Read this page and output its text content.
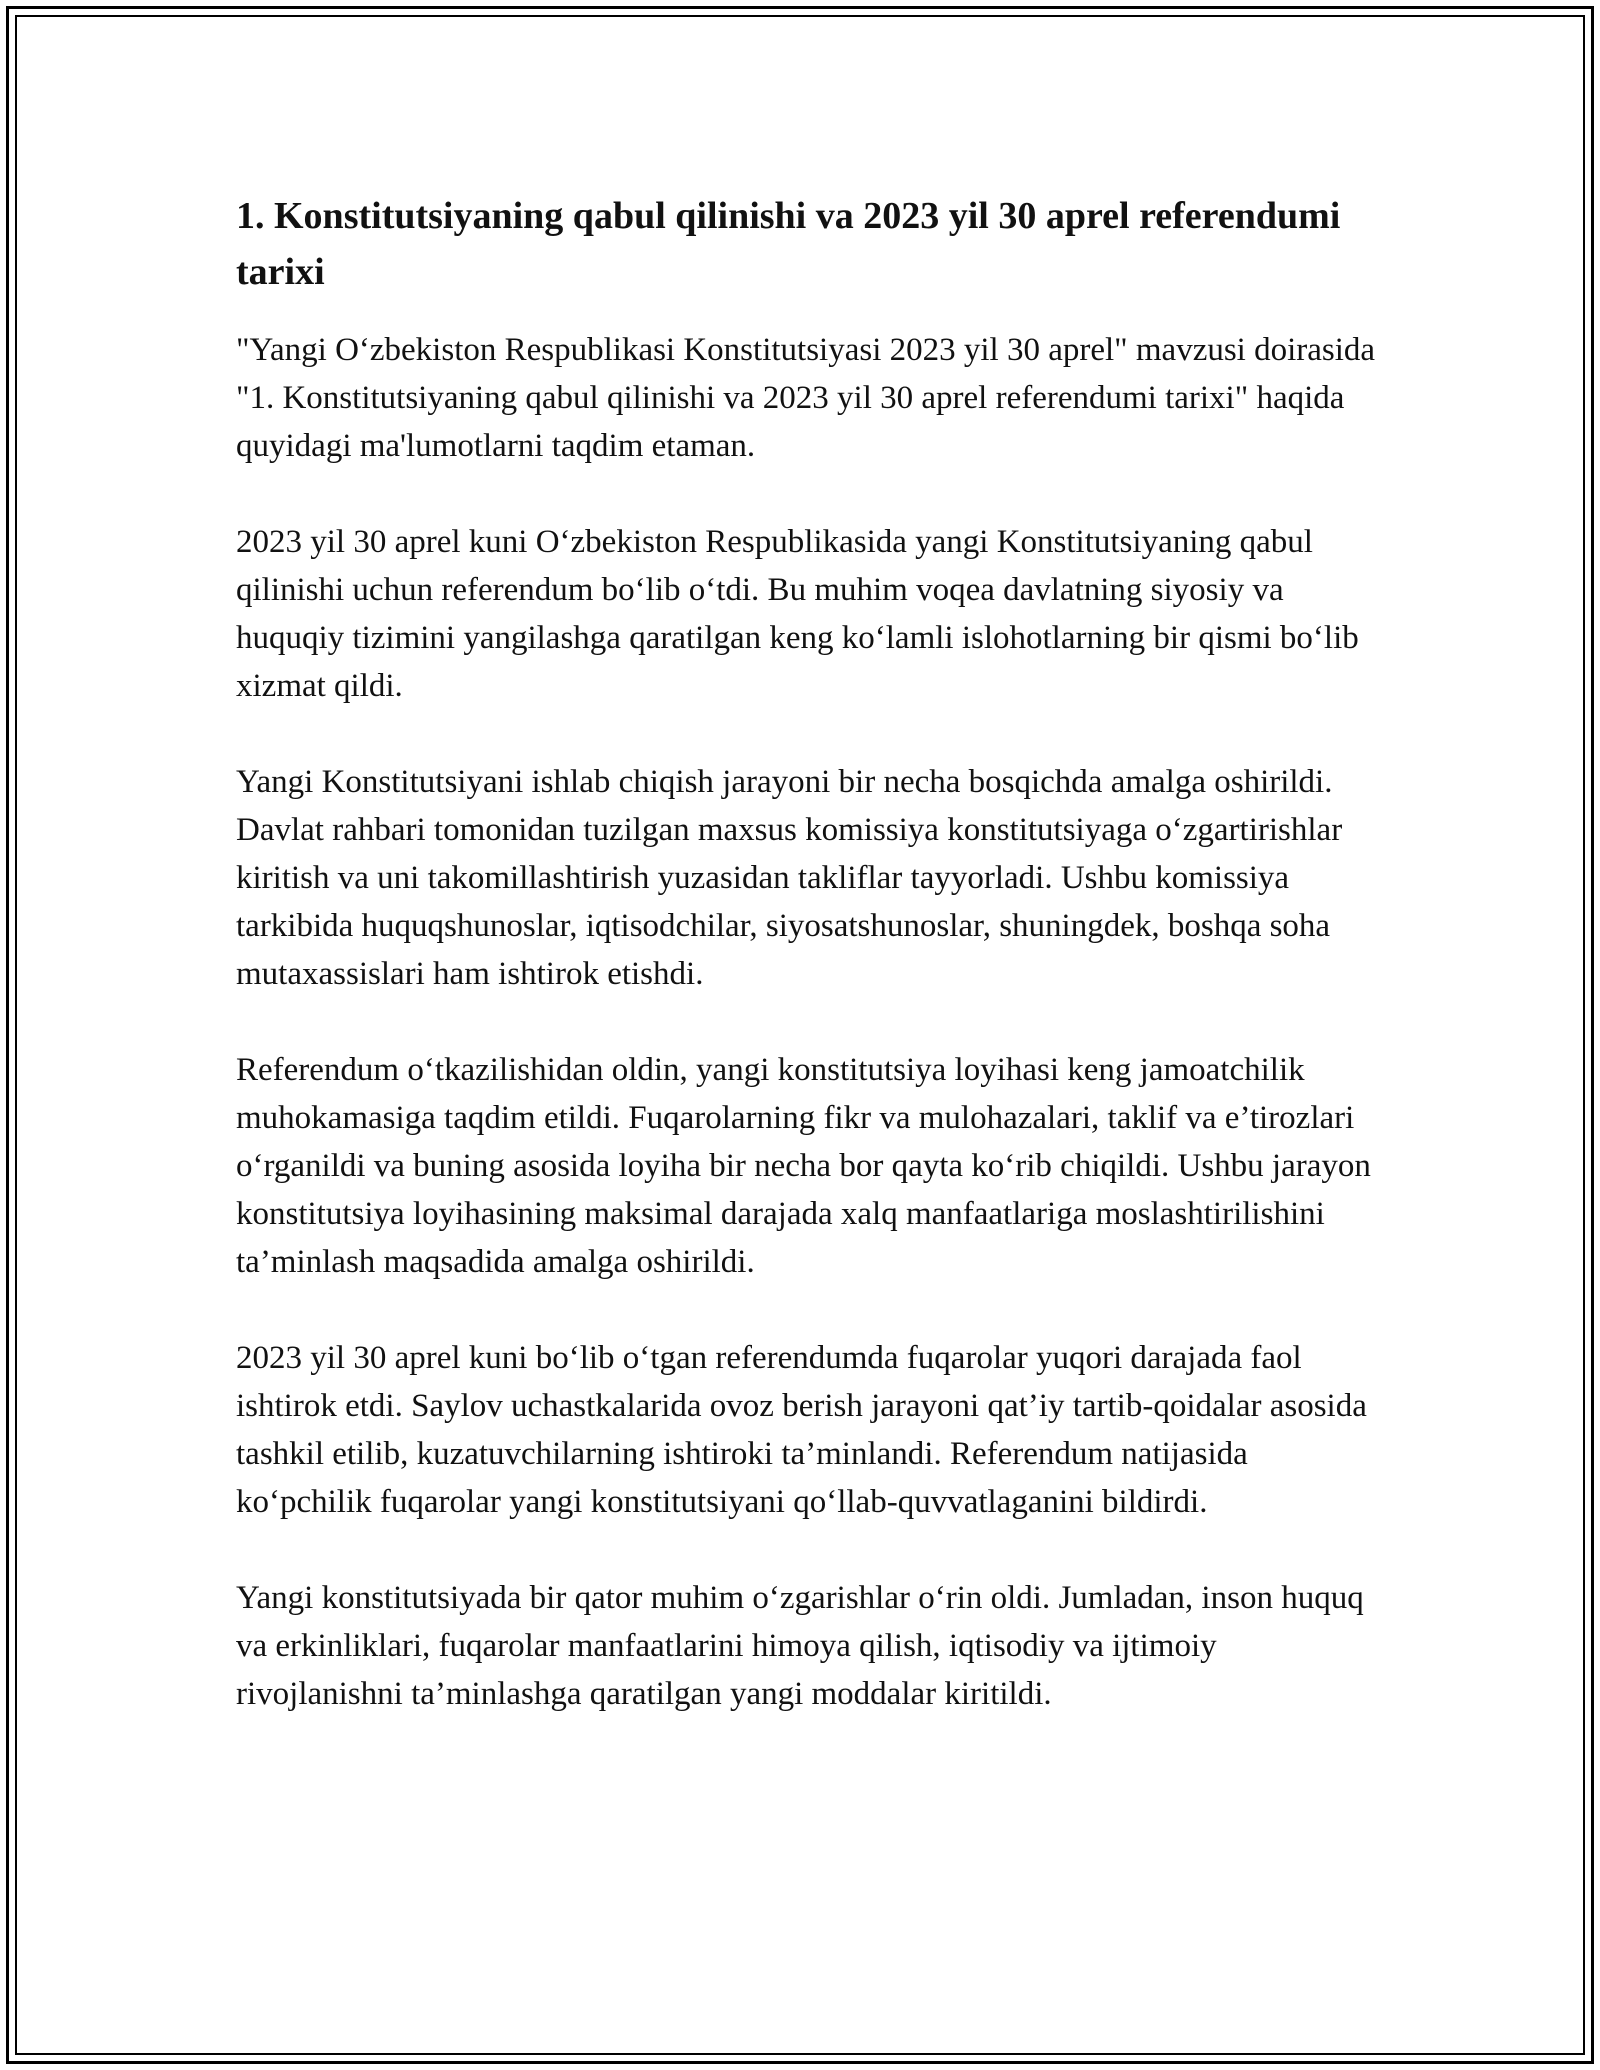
1. Konstitutsiyaning qabul qilinishi va 2023 yil 30 aprel referendumi tarixi

"Yangi O‘zbekiston Respublikasi Konstitutsiyasi 2023 yil 30 aprel" mavzusi doirasida "1. Konstitutsiyaning qabul qilinishi va 2023 yil 30 aprel referendumi tarixi" haqida quyidagi ma'lumotlarni taqdim etaman.

2023 yil 30 aprel kuni O‘zbekiston Respublikasida yangi Konstitutsiyaning qabul qilinishi uchun referendum bo‘lib o‘tdi. Bu muhim voqea davlatning siyosiy va huquqiy tizimini yangilashga qaratilgan keng ko‘lamli islohotlarning bir qismi bo‘lib xizmat qildi.

Yangi Konstitutsiyani ishlab chiqish jarayoni bir necha bosqichda amalga oshirildi. Davlat rahbari tomonidan tuzilgan maxsus komissiya konstitutsiyaga o‘zgartirishlar kiritish va uni takomillashtirish yuzasidan takliflar tayyorladi. Ushbu komissiya tarkibida huquqshunoslar, iqtisodchilar, siyosatshunoslar, shuningdek, boshqa soha mutaxassislari ham ishtirok etishdi.

Referendum o‘tkazilishidan oldin, yangi konstitutsiya loyihasi keng jamoatchilik muhokamasiga taqdim etildi. Fuqarolarning fikr va mulohazalari, taklif va e’tirozlari o‘rganildi va buning asosida loyiha bir necha bor qayta ko‘rib chiqildi. Ushbu jarayon konstitutsiya loyihasining maksimal darajada xalq manfaatlariga moslashtirilishini ta’minlash maqsadida amalga oshirildi.

2023 yil 30 aprel kuni bo‘lib o‘tgan referendumda fuqarolar yuqori darajada faol ishtirok etdi. Saylov uchastkalarida ovoz berish jarayoni qat’iy tartib-qoidalar asosida tashkil etilib, kuzatuvchilarning ishtiroki ta’minlandi. Referendum natijasida ko‘pchilik fuqarolar yangi konstitutsiyani qo‘llab-quvvatlaganini bildirdi.

Yangi konstitutsiyada bir qator muhim o‘zgarishlar o‘rin oldi. Jumladan, inson huquq va erkinliklari, fuqarolar manfaatlarini himoya qilish, iqtisodiy va ijtimoiy rivojlanishni ta’minlashga qaratilgan yangi moddalar kiritildi.
